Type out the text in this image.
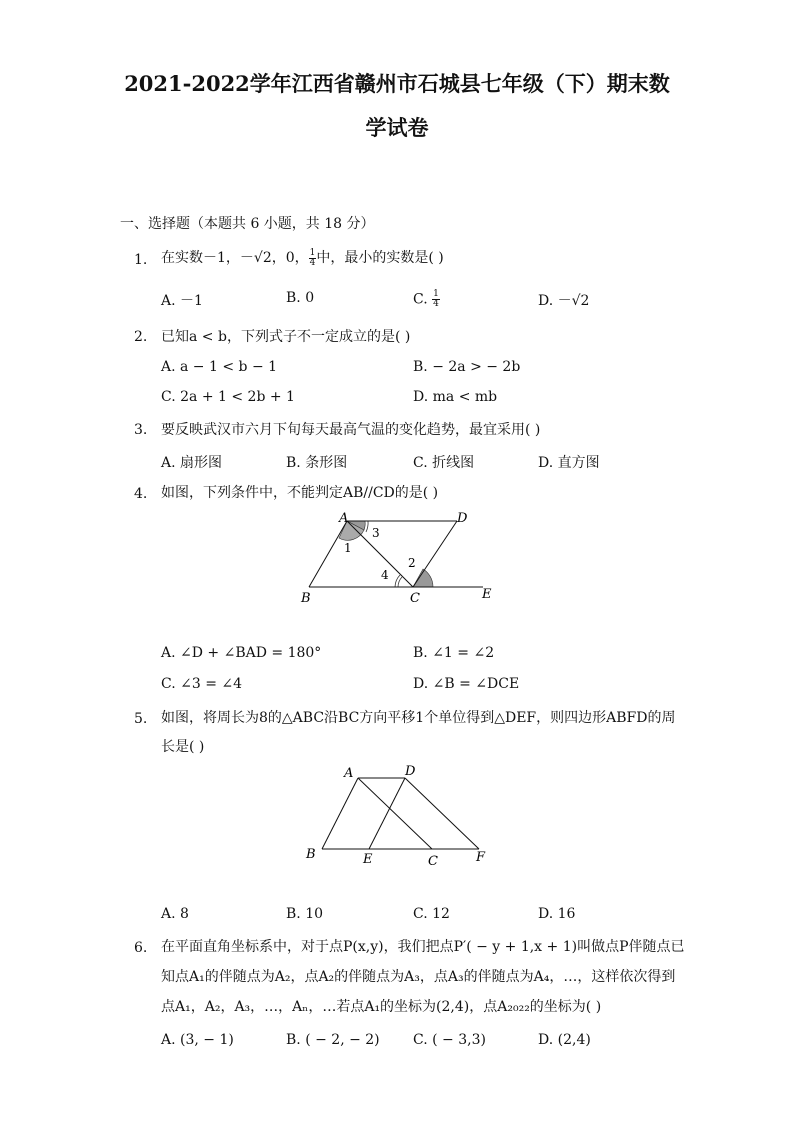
2021-2022学年江西省赣州市石城县七年级（下）期末数
学试卷
一、选择题（本题共 6 小题，共 18 分）
1. 在实数－1，－√2，0， $\frac{1}{4}$ 中，最小的实数是( )
A. －1	B. 0	C. $\frac{1}{4}$	D. －√2
2. 已知a < b，下列式子不一定成立的是( )
A. a − 1 < b − 1	B. − 2a > − 2b
C. 2a + 1 < 2b + 1	D. ma < mb
3. 要反映武汉市六月下旬每天最高气温的变化趋势，最宜采用( )
A. 扇形图	B. 条形图	C. 折线图	D. 直方图
4. 如图，下列条件中，不能判定AB//CD的是( )
A	D
B	C	E
1
3
2
4
A. ∠D + ∠BAD = 180°	B. ∠1 = ∠2
C. ∠3 = ∠4	D. ∠B = ∠DCE
5. 如图，将周长为8的△ABC沿BC方向平移1个单位得到△DEF，则四边形ABFD的周
长是( )
A	D
B	E	C	F
A. 8	B. 10	C. 12	D. 16
6. 在平面直角坐标系中，对于点P(x,y)，我们把点P′( − y + 1,x + 1)叫做点P伴随点已
知点A₁的伴随点为A₂，点A₂的伴随点为A₃，点A₃的伴随点为A₄，…，这样依次得到
点A₁，A₂，A₃，…，Aₙ，…若点A₁的坐标为(2,4)，点A₂₀₂₂的坐标为( )
A. (3, − 1)	B. ( − 2, − 2) C. ( − 3,3)	D. (2,4)
